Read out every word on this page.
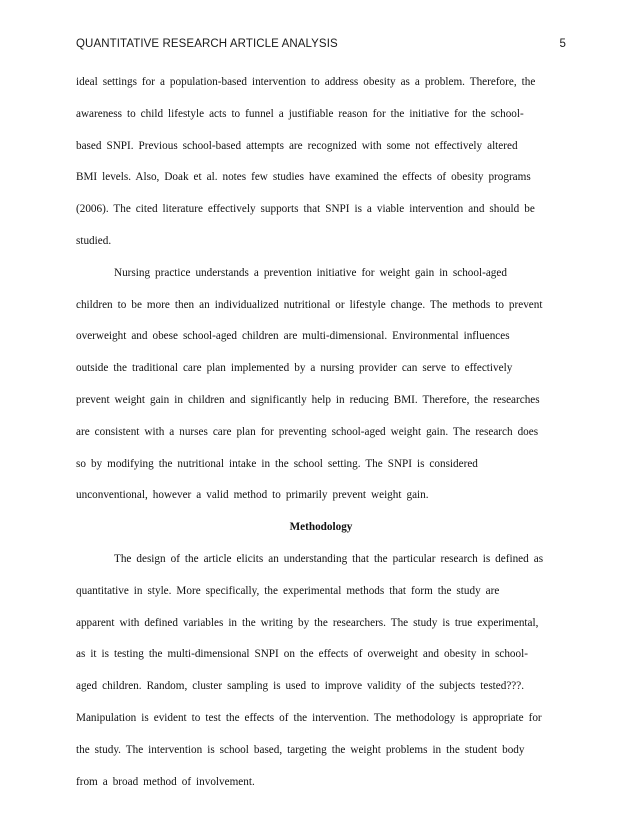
QUANTITATIVE RESEARCH ARTICLE ANALYSIS	5
ideal settings for a population-based intervention to address obesity as a problem. Therefore, the
awareness to child lifestyle acts to funnel a justifiable reason for the initiative for the school-
based SNPI. Previous school-based attempts are recognized with some not effectively altered
BMI levels. Also, Doak et al. notes few studies have examined the effects of obesity programs
(2006). The cited literature effectively supports that SNPI is a viable intervention and should be
studied.
Nursing practice understands a prevention initiative for weight gain in school-aged
children to be more then an individualized nutritional or lifestyle change. The methods to prevent
overweight and obese school-aged children are multi-dimensional. Environmental influences
outside the traditional care plan implemented by a nursing provider can serve to effectively
prevent weight gain in children and significantly help in reducing BMI. Therefore, the researches
are consistent with a nurses care plan for preventing school-aged weight gain. The research does
so by modifying the nutritional intake in the school setting. The SNPI is considered
unconventional, however a valid method to primarily prevent weight gain.
Methodology
The design of the article elicits an understanding that the particular research is defined as
quantitative in style. More specifically, the experimental methods that form the study are
apparent with defined variables in the writing by the researchers. The study is true experimental,
as it is testing the multi-dimensional SNPI on the effects of overweight and obesity in school-
aged children. Random, cluster sampling is used to improve validity of the subjects tested???.
Manipulation is evident to test the effects of the intervention. The methodology is appropriate for
the study. The intervention is school based, targeting the weight problems in the student body
from a broad method of involvement.
